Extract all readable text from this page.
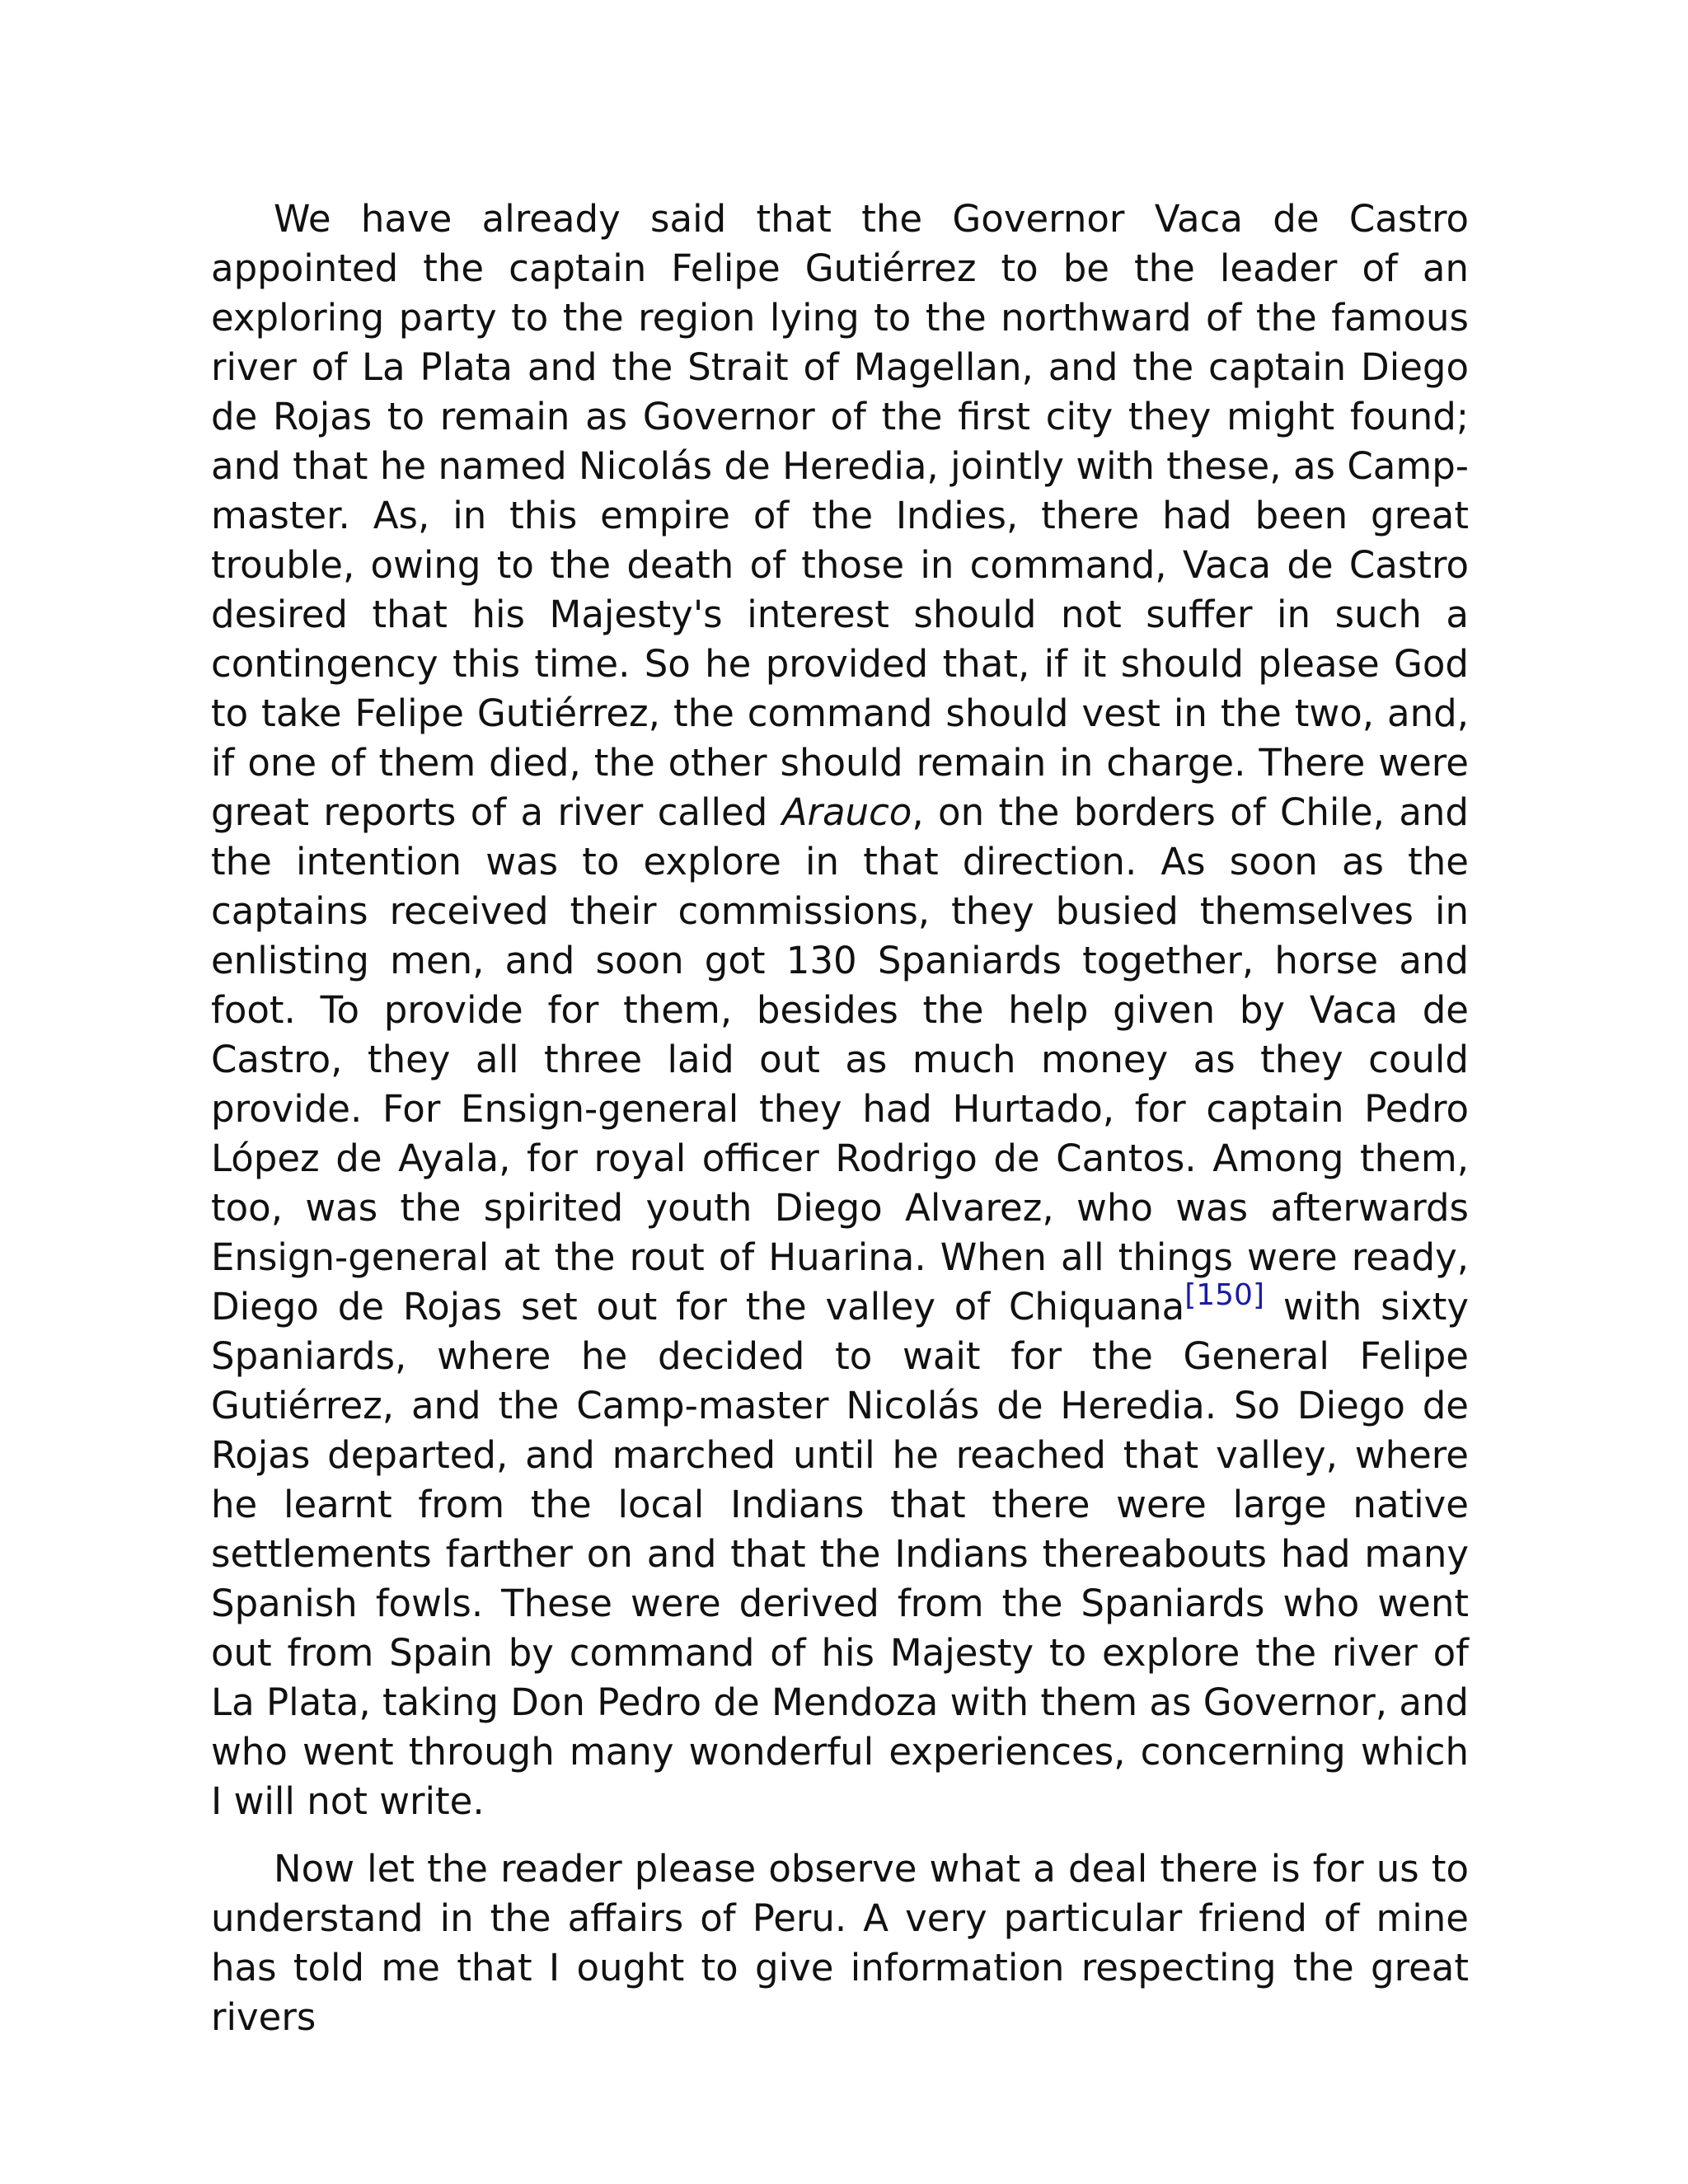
We have already said that the Governor Vaca de Castro appointed the captain Felipe Gutiérrez to be the leader of an exploring party to the region lying to the northward of the famous river of La Plata and the Strait of Magellan, and the captain Diego de Rojas to remain as Governor of the first city they might found; and that he named Nicolás de Heredia, jointly with these, as Camp-master. As, in this empire of the Indies, there had been great trouble, owing to the death of those in command, Vaca de Castro desired that his Majesty's interest should not suffer in such a contingency this time. So he provided that, if it should please God to take Felipe Gutiérrez, the command should vest in the two, and, if one of them died, the other should remain in charge. There were great reports of a river called Arauco, on the borders of Chile, and the intention was to explore in that direction. As soon as the captains received their commissions, they busied themselves in enlisting men, and soon got 130 Spaniards together, horse and foot. To provide for them, besides the help given by Vaca de Castro, they all three laid out as much money as they could provide. For Ensign-general they had Hurtado, for captain Pedro López de Ayala, for royal officer Rodrigo de Cantos. Among them, too, was the spirited youth Diego Alvarez, who was afterwards Ensign-general at the rout of Huarina. When all things were ready, Diego de Rojas set out for the valley of Chiquana[150] with sixty Spaniards, where he decided to wait for the General Felipe Gutiérrez, and the Camp-master Nicolás de Heredia. So Diego de Rojas departed, and marched until he reached that valley, where he learnt from the local Indians that there were large native settlements farther on and that the Indians thereabouts had many Spanish fowls. These were derived from the Spaniards who went out from Spain by command of his Majesty to explore the river of La Plata, taking Don Pedro de Mendoza with them as Governor, and who went through many wonderful experiences, concerning which I will not write.

Now let the reader please observe what a deal there is for us to understand in the affairs of Peru. A very particular friend of mine has told me that I ought to give information respecting the great rivers
